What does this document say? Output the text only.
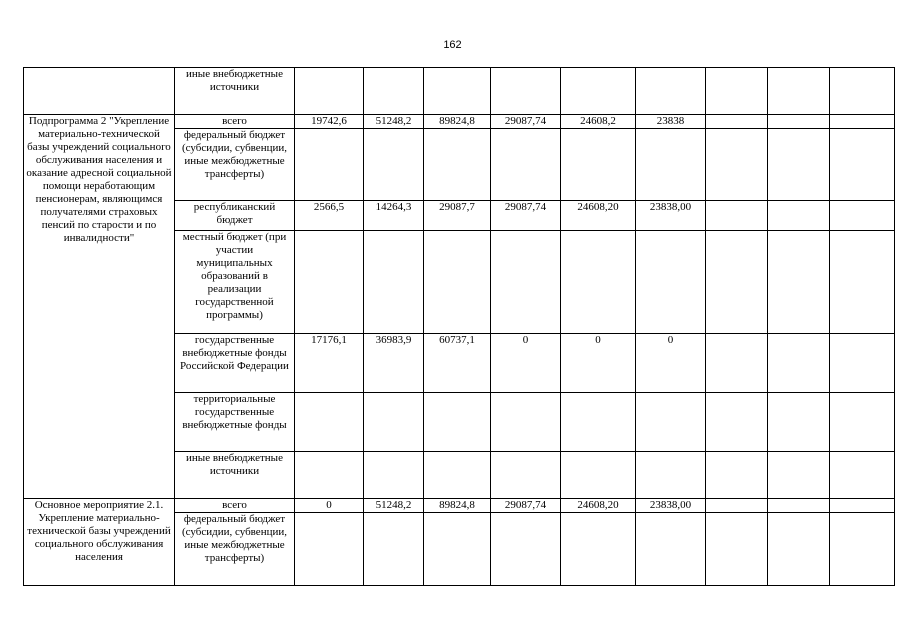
162
	иные внебюджетные источники									
Подпрограмма 2 "Укрепление материально-технической базы учреждений социального обслуживания населения и оказание адресной социальной помощи неработающим пенсионерам, являющимся получателями страховых пенсий по старости и по инвалидности"	всего	19742,6	51248,2	89824,8	29087,74	24608,2	23838			
	федеральный бюджет (субсидии, субвенции, иные межбюджетные трансферты)									
	республиканский бюджет	2566,5	14264,3	29087,7	29087,74	24608,20	23838,00			
	местный бюджет (при участии муниципальных образований в реализации государственной программы)									
	государственные внебюджетные фонды Российской Федерации	17176,1	36983,9	60737,1	0	0	0			
	территориальные государственные внебюджетные фонды									
	иные внебюджетные источники									
Основное мероприятие 2.1. Укрепление материально-технической базы учреждений социального обслуживания населения	всего	0	51248,2	89824,8	29087,74	24608,20	23838,00			
	федеральный бюджет (субсидии, субвенции, иные межбюджетные трансферты)									
